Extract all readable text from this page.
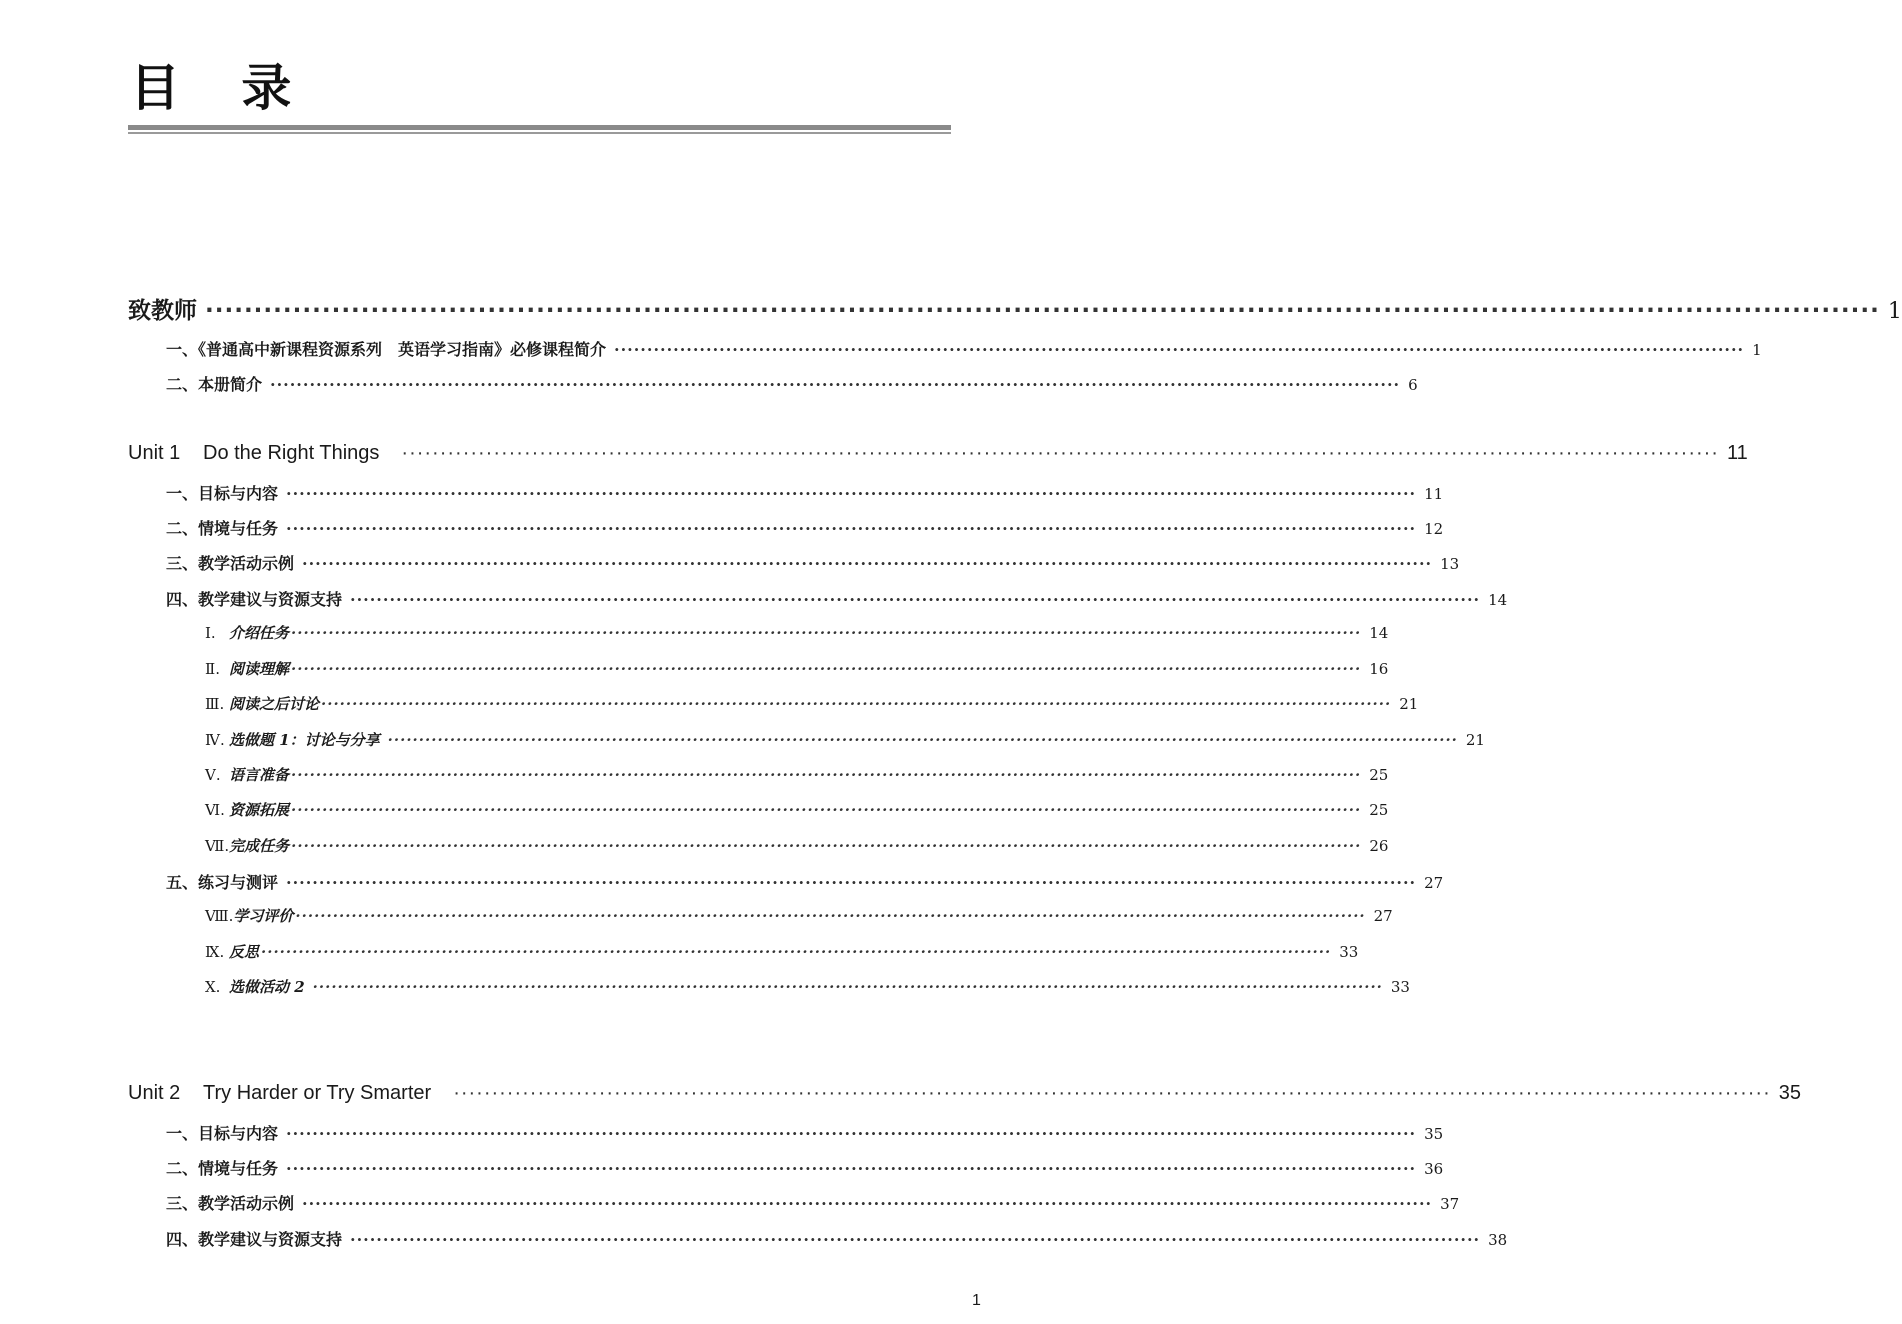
目 录
致教师 ············································································································································································ 1
一、《普通高中新课程资源系列　英语学习指南》必修课程简介 ············································································································································································ 1
二、本册简介 ············································································································································································ 6
Unit 1 Do the Right Things ············································································································································································ 11
一、目标与内容 ············································································································································································ 11
二、情境与任务 ············································································································································································ 12
三、教学活动示例 ············································································································································································ 13
四、教学建议与资源支持 ············································································································································································ 14
Ⅰ. 介绍任务 ············································································································································································ 14
Ⅱ. 阅读理解 ············································································································································································ 16
Ⅲ. 阅读之后讨论 ············································································································································································ 21
Ⅳ. 选做题 1：讨论与分享 ············································································································································································ 21
Ⅴ. 语言准备 ············································································································································································ 25
Ⅵ. 资源拓展 ············································································································································································ 25
Ⅶ.完成任务 ············································································································································································ 26
五、练习与测评 ············································································································································································ 27
Ⅷ.学习评价 ············································································································································································ 27
Ⅸ. 反思 ············································································································································································ 33
Ⅹ. 选做活动 2 ············································································································································································ 33
Unit 2 Try Harder or Try Smarter ············································································································································································ 35
一、目标与内容 ············································································································································································ 35
二、情境与任务 ············································································································································································ 36
三、教学活动示例 ············································································································································································ 37
四、教学建议与资源支持 ············································································································································································ 38
1
